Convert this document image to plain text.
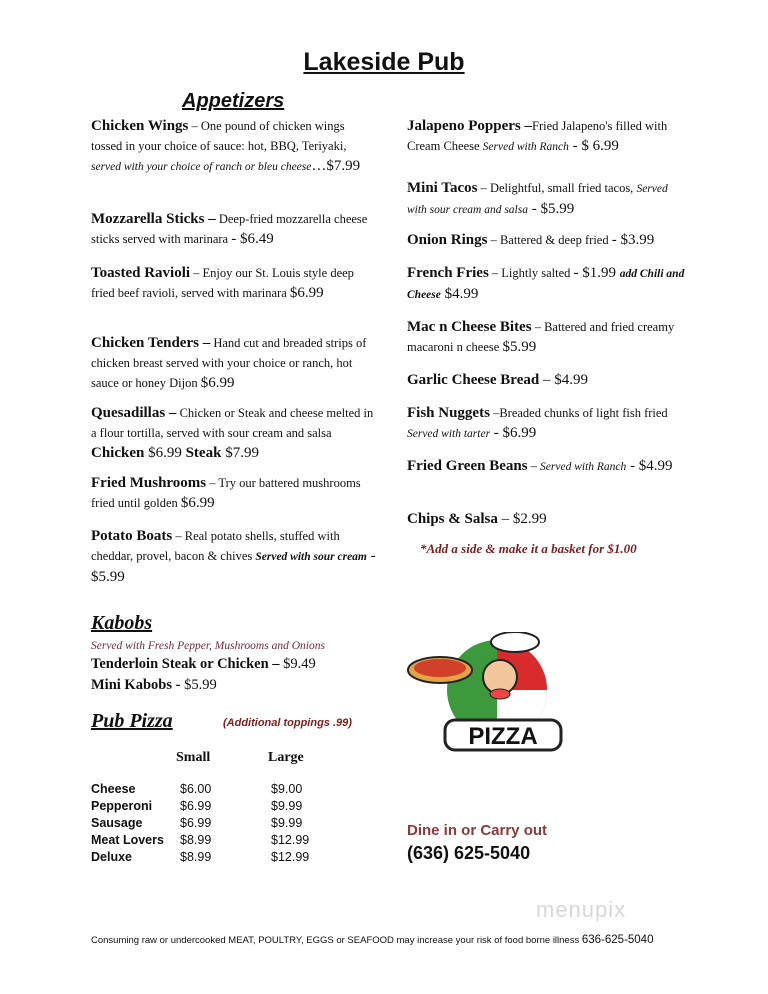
Lakeside Pub
Appetizers
Chicken Wings – One pound of chicken wings tossed in your choice of sauce: hot, BBQ, Teriyaki, served with your choice of ranch or bleu cheese…$7.99
Mozzarella Sticks – Deep-fried mozzarella cheese sticks served with marinara - $6.49
Toasted Ravioli – Enjoy our St. Louis style deep fried beef ravioli, served with marinara $6.99
Chicken Tenders – Hand cut and breaded strips of chicken breast served with your choice or ranch, hot sauce or honey Dijon $6.99
Quesadillas – Chicken or Steak and cheese melted in a flour tortilla, served with sour cream and salsa Chicken $6.99 Steak $7.99
Fried Mushrooms – Try our battered mushrooms fried until golden $6.99
Potato Boats – Real potato shells, stuffed with cheddar, provel, bacon & chives Served with sour cream - $5.99
Jalapeno Poppers –Fried Jalapeno's filled with Cream Cheese Served with Ranch - $ 6.99
Mini Tacos – Delightful, small fried tacos, Served with sour cream and salsa - $5.99
Onion Rings – Battered & deep fried - $3.99
French Fries – Lightly salted - $1.99 add Chili and Cheese $4.99
Mac n Cheese Bites – Battered and fried creamy macaroni n cheese $5.99
Garlic Cheese Bread – $4.99
Fish Nuggets –Breaded chunks of light fish fried Served with tarter - $6.99
Fried Green Beans – Served with Ranch - $4.99
Chips & Salsa – $2.99
*Add a side & make it a basket for $1.00
Kabobs
Served with Fresh Pepper, Mushrooms and Onions
Tenderloin Steak or Chicken – $9.49
Mini Kabobs - $5.99
Pub Pizza	(Additional toppings .99)
Small	Large
Cheese	$6.00	$9.00
Pepperoni $6.99	$9.99
Sausage	$6.99	$9.99
Meat Lovers $8.99	$12.99
Deluxe	$8.99	$12.99
PIZZA
Dine in or Carry out
(636) 625-5040
menupix
Consuming raw or undercooked MEAT, POULTRY, EGGS or SEAFOOD may increase your risk of food borne illness 636-625-5040
